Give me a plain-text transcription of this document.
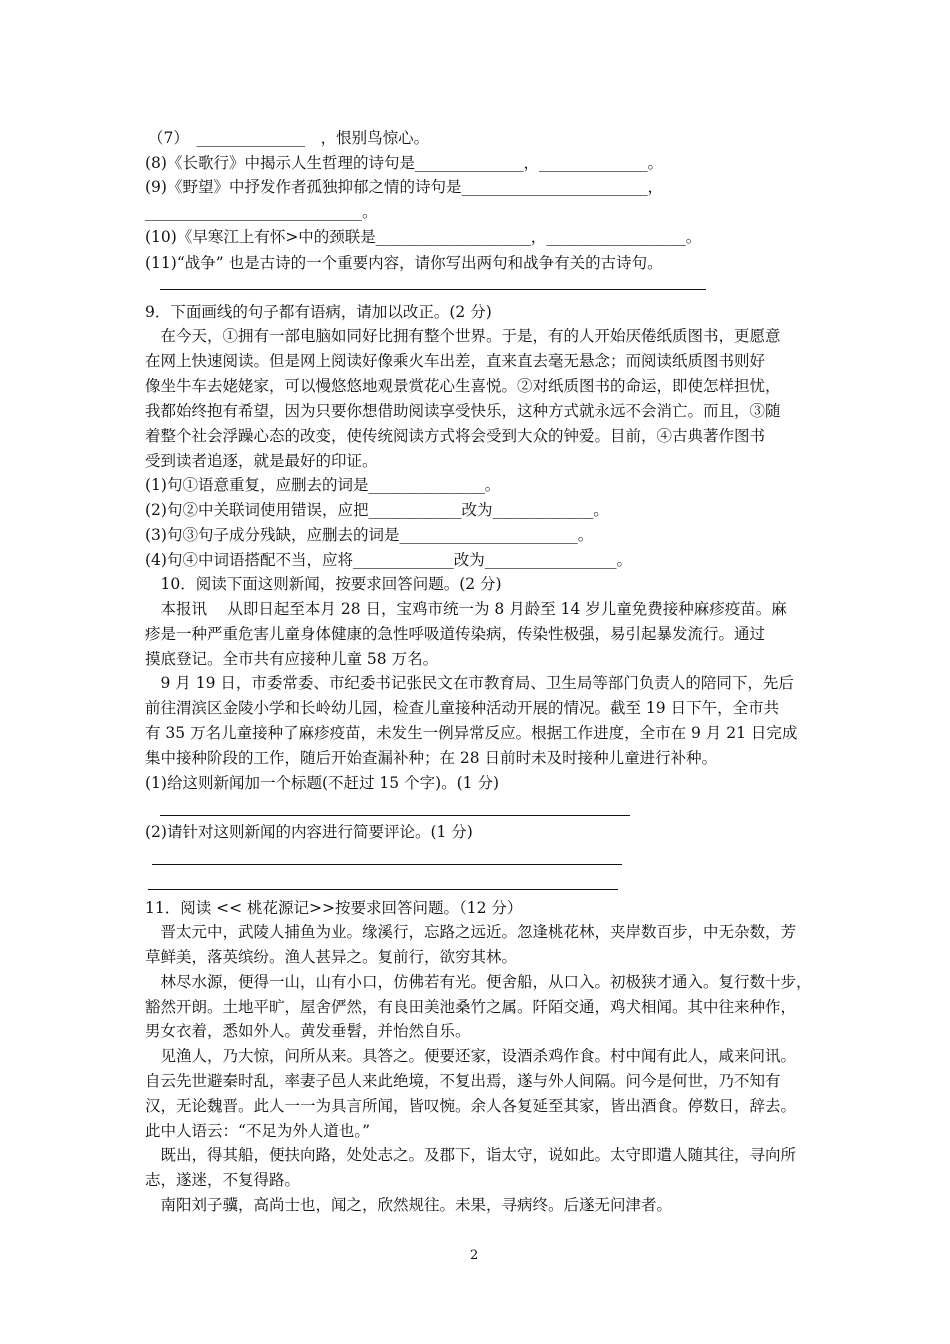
（7）　______________　，恨别鸟惊心。
(8)《长歌行》中揭示人生哲理的诗句是______________，______________。
(9)《野望》中抒发作者孤独抑郁之情的诗句是________________________，
____________________________。
(10)《早寒江上有怀>中的颈联是____________________，__________________。
(11)“战争” 也是古诗的一个重要内容，请你写出两句和战争有关的古诗句。
9．下面画线的句子都有语病，请加以改正。(2 分)
　在今天，①拥有一部电脑如同好比拥有整个世界。于是，有的人开始厌倦纸质图书，更愿意
在网上快速阅读。但是网上阅读好像乘火车出差，直来直去毫无悬念；而阅读纸质图书则好
像坐牛车去姥姥家，可以慢悠悠地观景赏花心生喜悦。②对纸质图书的命运，即使怎样担忧，
我都始终抱有希望，因为只要你想借助阅读享受快乐，这种方式就永远不会消亡。而且，③随
着整个社会浮躁心态的改变，使传统阅读方式将会受到大众的钟爱。目前，④古典著作图书
受到读者追逐，就是最好的印证。
(1)句①语意重复，应删去的词是_______________。
(2)句②中关联词使用错误，应把____________改为_____________。
(3)句③句子成分残缺，应删去的词是_______________________。
(4)句④中词语搭配不当，应将_____________改为_________________。
　10．阅读下面这则新闻，按要求回答问题。(2 分)
　本报讯　 从即日起至本月 28 日，宝鸡市统一为 8 月龄至 14 岁儿童免费接种麻疹疫苗。麻
疹是一种严重危害儿童身体健康的急性呼吸道传染病，传染性极强，易引起暴发流行。通过
摸底登记。全市共有应接种儿童 58 万名。
　9 月 19 日，市委常委、市纪委书记张民文在市教育局、卫生局等部门负责人的陪同下，先后
前往渭滨区金陵小学和长岭幼儿园，检查儿童接种活动开展的情况。截至 19 日下午，全市共
有 35 万名儿童接种了麻疹疫苗，未发生一例异常反应。根据工作进度，全市在 9 月 21 日完成
集中接种阶段的工作，随后开始查漏补种；在 28 日前时未及时接种儿童进行补种。
(1)给这则新闻加一个标题(不赶过 15 个字)。(1 分)
(2)请针对这则新闻的内容进行简要评论。(1 分)
11．阅读 << 桃花源记>>按要求回答问题。（12 分）
　晋太元中，武陵人捕鱼为业。缘溪行，忘路之远近。忽逢桃花林，夹岸数百步，中无杂数，芳
草鲜美，落英缤纷。渔人甚异之。复前行，欲穷其林。
　林尽水源，便得一山，山有小口，仿佛若有光。便舍船，从口入。初极狭才通入。复行数十步，
豁然开朗。土地平旷，屋舍俨然，有良田美池桑竹之属。阡陌交通，鸡犬相闻。其中往来种作，
男女衣着，悉如外人。黄发垂髫，并怡然自乐。
　见渔人，乃大惊，问所从来。具答之。便要还家，设酒杀鸡作食。村中闻有此人，咸来问讯。
自云先世避秦时乱，率妻子邑人来此绝境，不复出焉，遂与外人间隔。问今是何世，乃不知有
汉，无论魏晋。此人一一为具言所闻，皆叹惋。余人各复延至其家，皆出酒食。停数日，辞去。
此中人语云：“不足为外人道也。”
　既出，得其船，便扶向路，处处志之。及郡下，诣太守，说如此。太守即遣人随其往，寻向所
志，遂迷，不复得路。
　南阳刘子骥，高尚士也，闻之，欣然规往。未果，寻病终。后遂无问津者。
2
